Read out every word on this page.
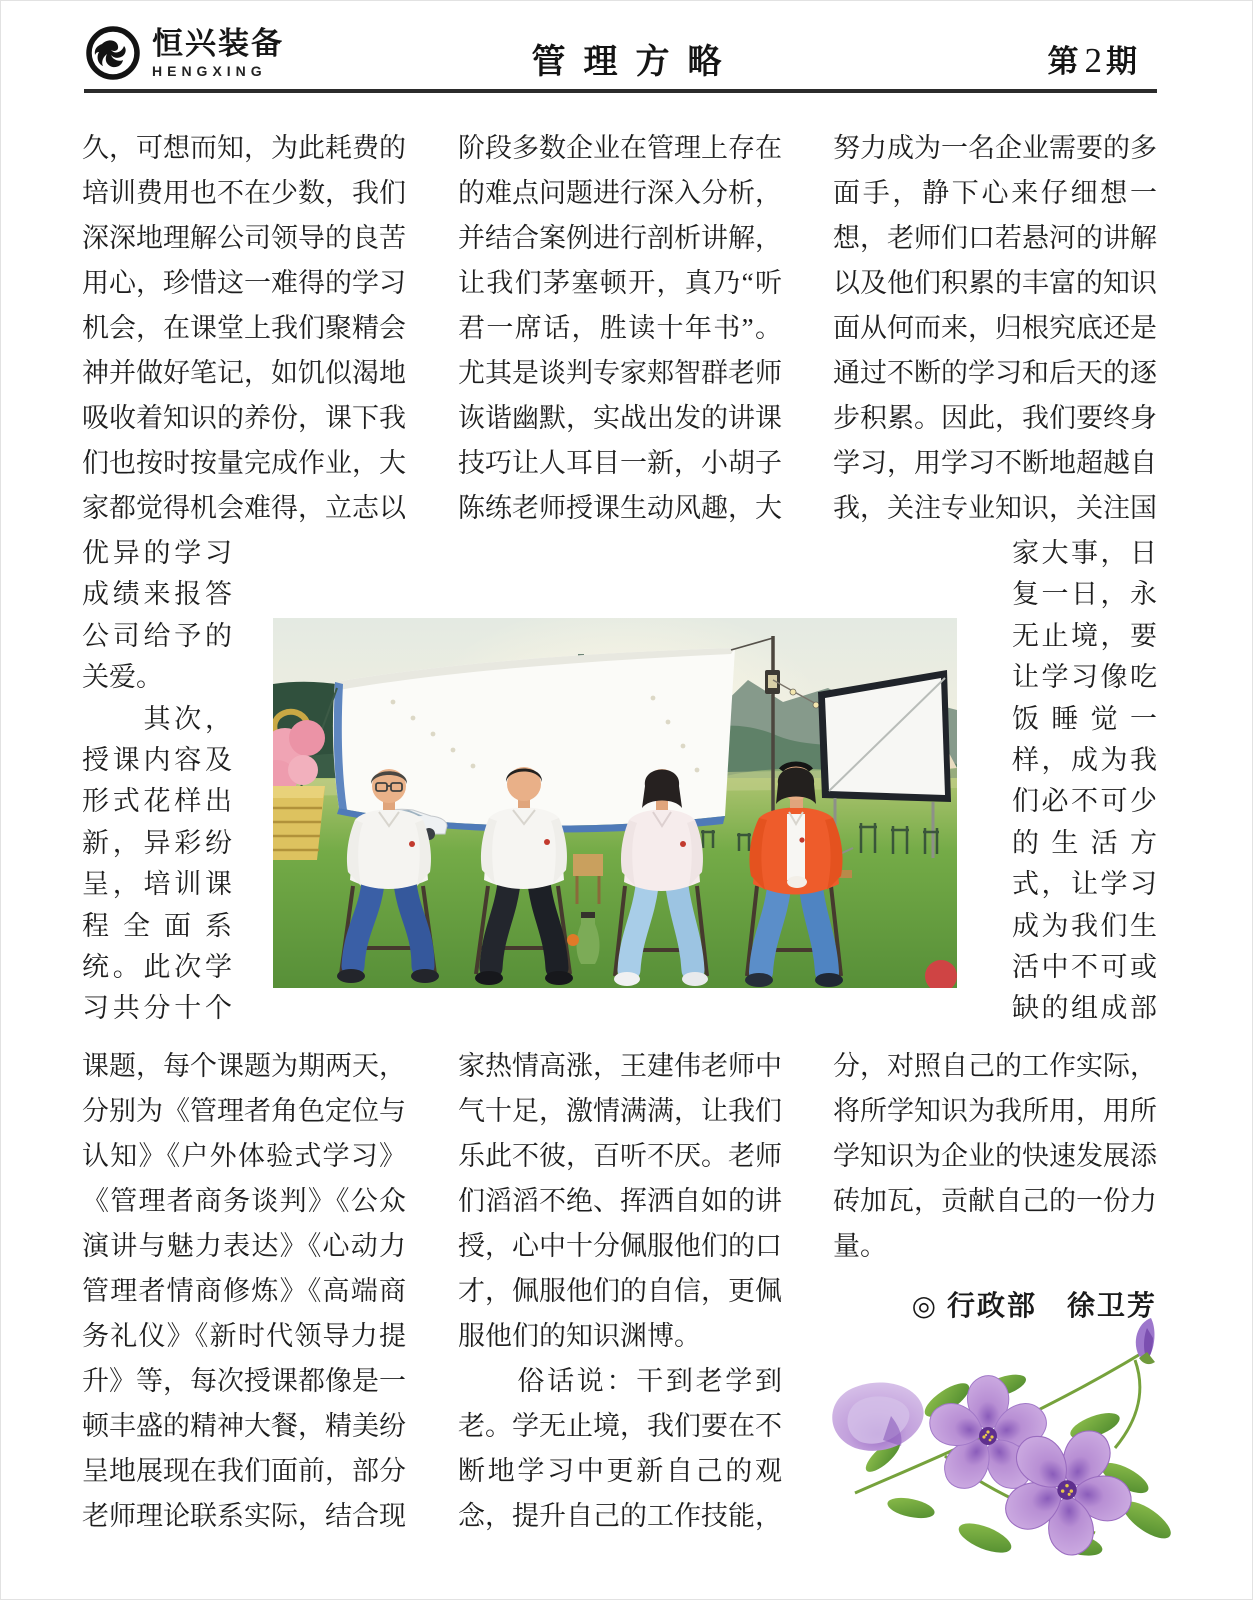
恒兴装备
HENGXING	管理方略	第2期
久，可想而知，为此耗费的
培训费用也不在少数，我们
深深地理解公司领导的良苦
用心，珍惜这一难得的学习
机会，在课堂上我们聚精会
神并做好笔记，如饥似渴地
吸收着知识的养份，课下我
们也按时按量完成作业，大
家都觉得机会难得，立志以
优异的学习
成绩来报答
公司给予的
关爱。
　　其次，
授课内容及
形式花样出
新，异彩纷
呈，培训课
程全面系
统。此次学
习共分十个
课题，每个课题为期两天，
分别为《管理者角色定位与
认知》《户外体验式学习》
《管理者商务谈判》《公众
演讲与魅力表达》《心动力
管理者情商修炼》《高端商
务礼仪》《新时代领导力提
升》等，每次授课都像是一
顿丰盛的精神大餐，精美纷
呈地展现在我们面前，部分
老师理论联系实际，结合现
阶段多数企业在管理上存在
的难点问题进行深入分析，
并结合案例进行剖析讲解，
让我们茅塞顿开，真乃“听
君一席话，胜读十年书”。
尤其是谈判专家郏智群老师
诙谐幽默，实战出发的讲课
技巧让人耳目一新，小胡子
陈练老师授课生动风趣，大
家热情高涨，王建伟老师中
气十足，激情满满，让我们
乐此不彼，百听不厌。老师
们滔滔不绝、挥洒自如的讲
授，心中十分佩服他们的口
才，佩服他们的自信，更佩
服他们的知识渊博。
　　俗话说：干到老学到
老。学无止境，我们要在不
断地学习中更新自己的观
念，提升自己的工作技能，
努力成为一名企业需要的多
面手，静下心来仔细想一
想，老师们口若悬河的讲解
以及他们积累的丰富的知识
面从何而来，归根究底还是
通过不断的学习和后天的逐
步积累。因此，我们要终身
学习，用学习不断地超越自
我，关注专业知识，关注国
家大事，日
复一日，永
无止境，要
让学习像吃
饭睡觉一
样，成为我
们必不可少
的生活方
式，让学习
成为我们生
活中不可或
缺的组成部
分，对照自己的工作实际，
将所学知识为我所用，用所
学知识为企业的快速发展添
砖加瓦，贡献自己的一份力
量。
◎ 行政部　徐卫芳
